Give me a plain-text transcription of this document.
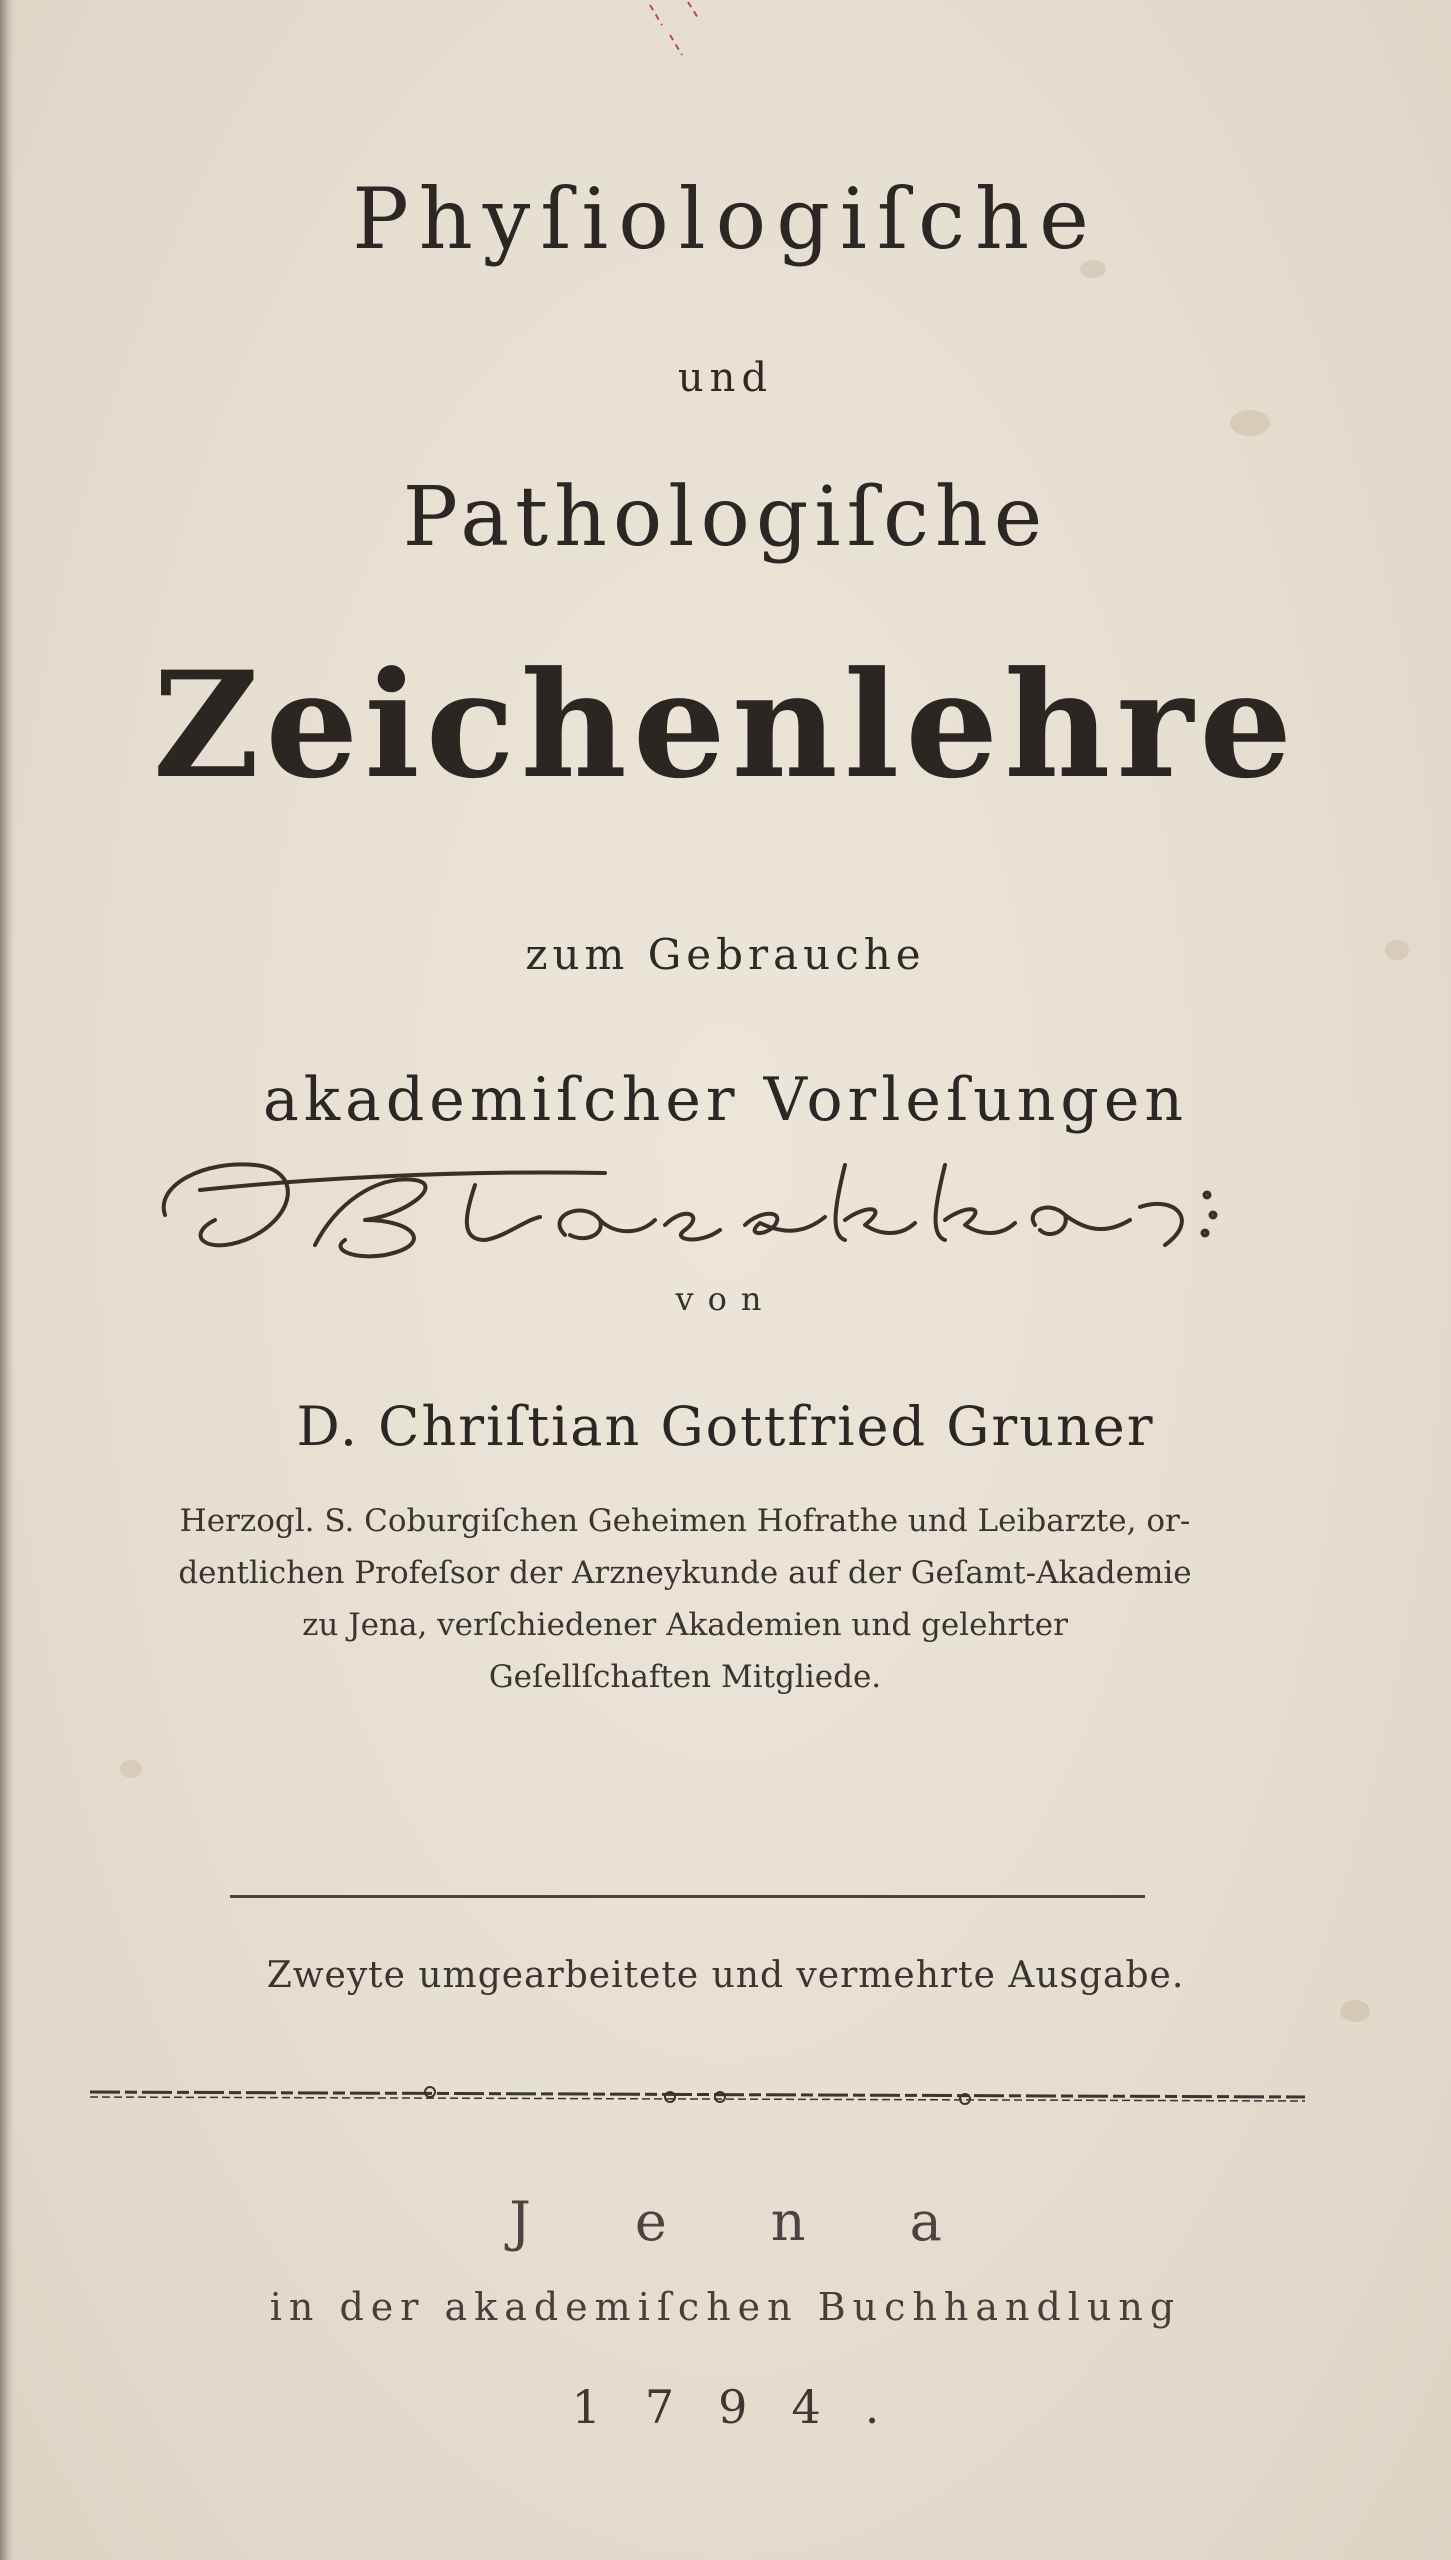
Phyſiologiſche
und
Pathologiſche
Zeichenlehre
zum Gebrauche
akademiſcher Vorleſungen
von
D. Chriſtian Gottfried Gruner
Herzogl. S. Coburgiſchen Geheimen Hofrathe und Leibarzte, or-
dentlichen Profeſsor der Arzneykunde auf der Geſamt-Akademie
zu Jena, verſchiedener Akademien und gelehrter
Geſellſchaften Mitgliede.
Zweyte umgearbeitete und vermehrte Ausgabe.
Jena
in der akademiſchen Buchhandlung
1794.
